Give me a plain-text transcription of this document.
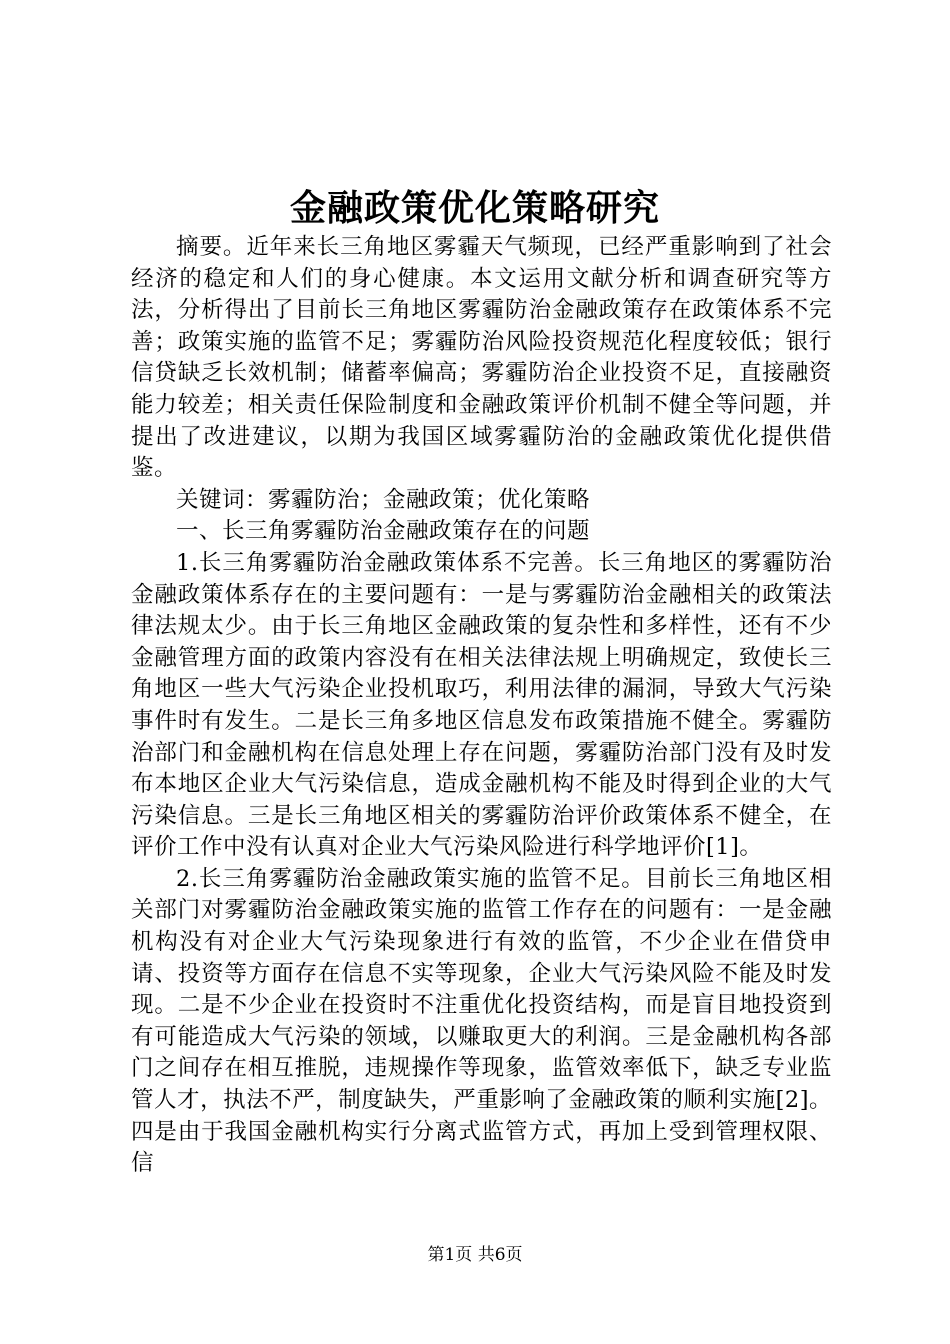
金融政策优化策略研究

摘要。近年来长三角地区雾霾天气频现，已经严重影响到了社会经济的稳定和人们的身心健康。本文运用文献分析和调查研究等方法，分析得出了目前长三角地区雾霾防治金融政策存在政策体系不完善；政策实施的监管不足；雾霾防治风险投资规范化程度较低；银行信贷缺乏长效机制；储蓄率偏高；雾霾防治企业投资不足，直接融资能力较差；相关责任保险制度和金融政策评价机制不健全等问题，并提出了改进建议，以期为我国区域雾霾防治的金融政策优化提供借鉴。

关键词：雾霾防治；金融政策；优化策略

一、长三角雾霾防治金融政策存在的问题

1.长三角雾霾防治金融政策体系不完善。长三角地区的雾霾防治金融政策体系存在的主要问题有：一是与雾霾防治金融相关的政策法律法规太少。由于长三角地区金融政策的复杂性和多样性，还有不少金融管理方面的政策内容没有在相关法律法规上明确规定，致使长三角地区一些大气污染企业投机取巧，利用法律的漏洞，导致大气污染事件时有发生。二是长三角多地区信息发布政策措施不健全。雾霾防治部门和金融机构在信息处理上存在问题，雾霾防治部门没有及时发布本地区企业大气污染信息，造成金融机构不能及时得到企业的大气污染信息。三是长三角地区相关的雾霾防治评价政策体系不健全，在评价工作中没有认真对企业大气污染风险进行科学地评价[1]。

2.长三角雾霾防治金融政策实施的监管不足。目前长三角地区相关部门对雾霾防治金融政策实施的监管工作存在的问题有：一是金融机构没有对企业大气污染现象进行有效的监管，不少企业在借贷申请、投资等方面存在信息不实等现象，企业大气污染风险不能及时发现。二是不少企业在投资时不注重优化投资结构，而是盲目地投资到有可能造成大气污染的领域，以赚取更大的利润。三是金融机构各部门之间存在相互推脱，违规操作等现象，监管效率低下，缺乏专业监管人才，执法不严，制度缺失，严重影响了金融政策的顺利实施[2]。四是由于我国金融机构实行分离式监管方式，再加上受到管理权限、信

第1页 共6页
